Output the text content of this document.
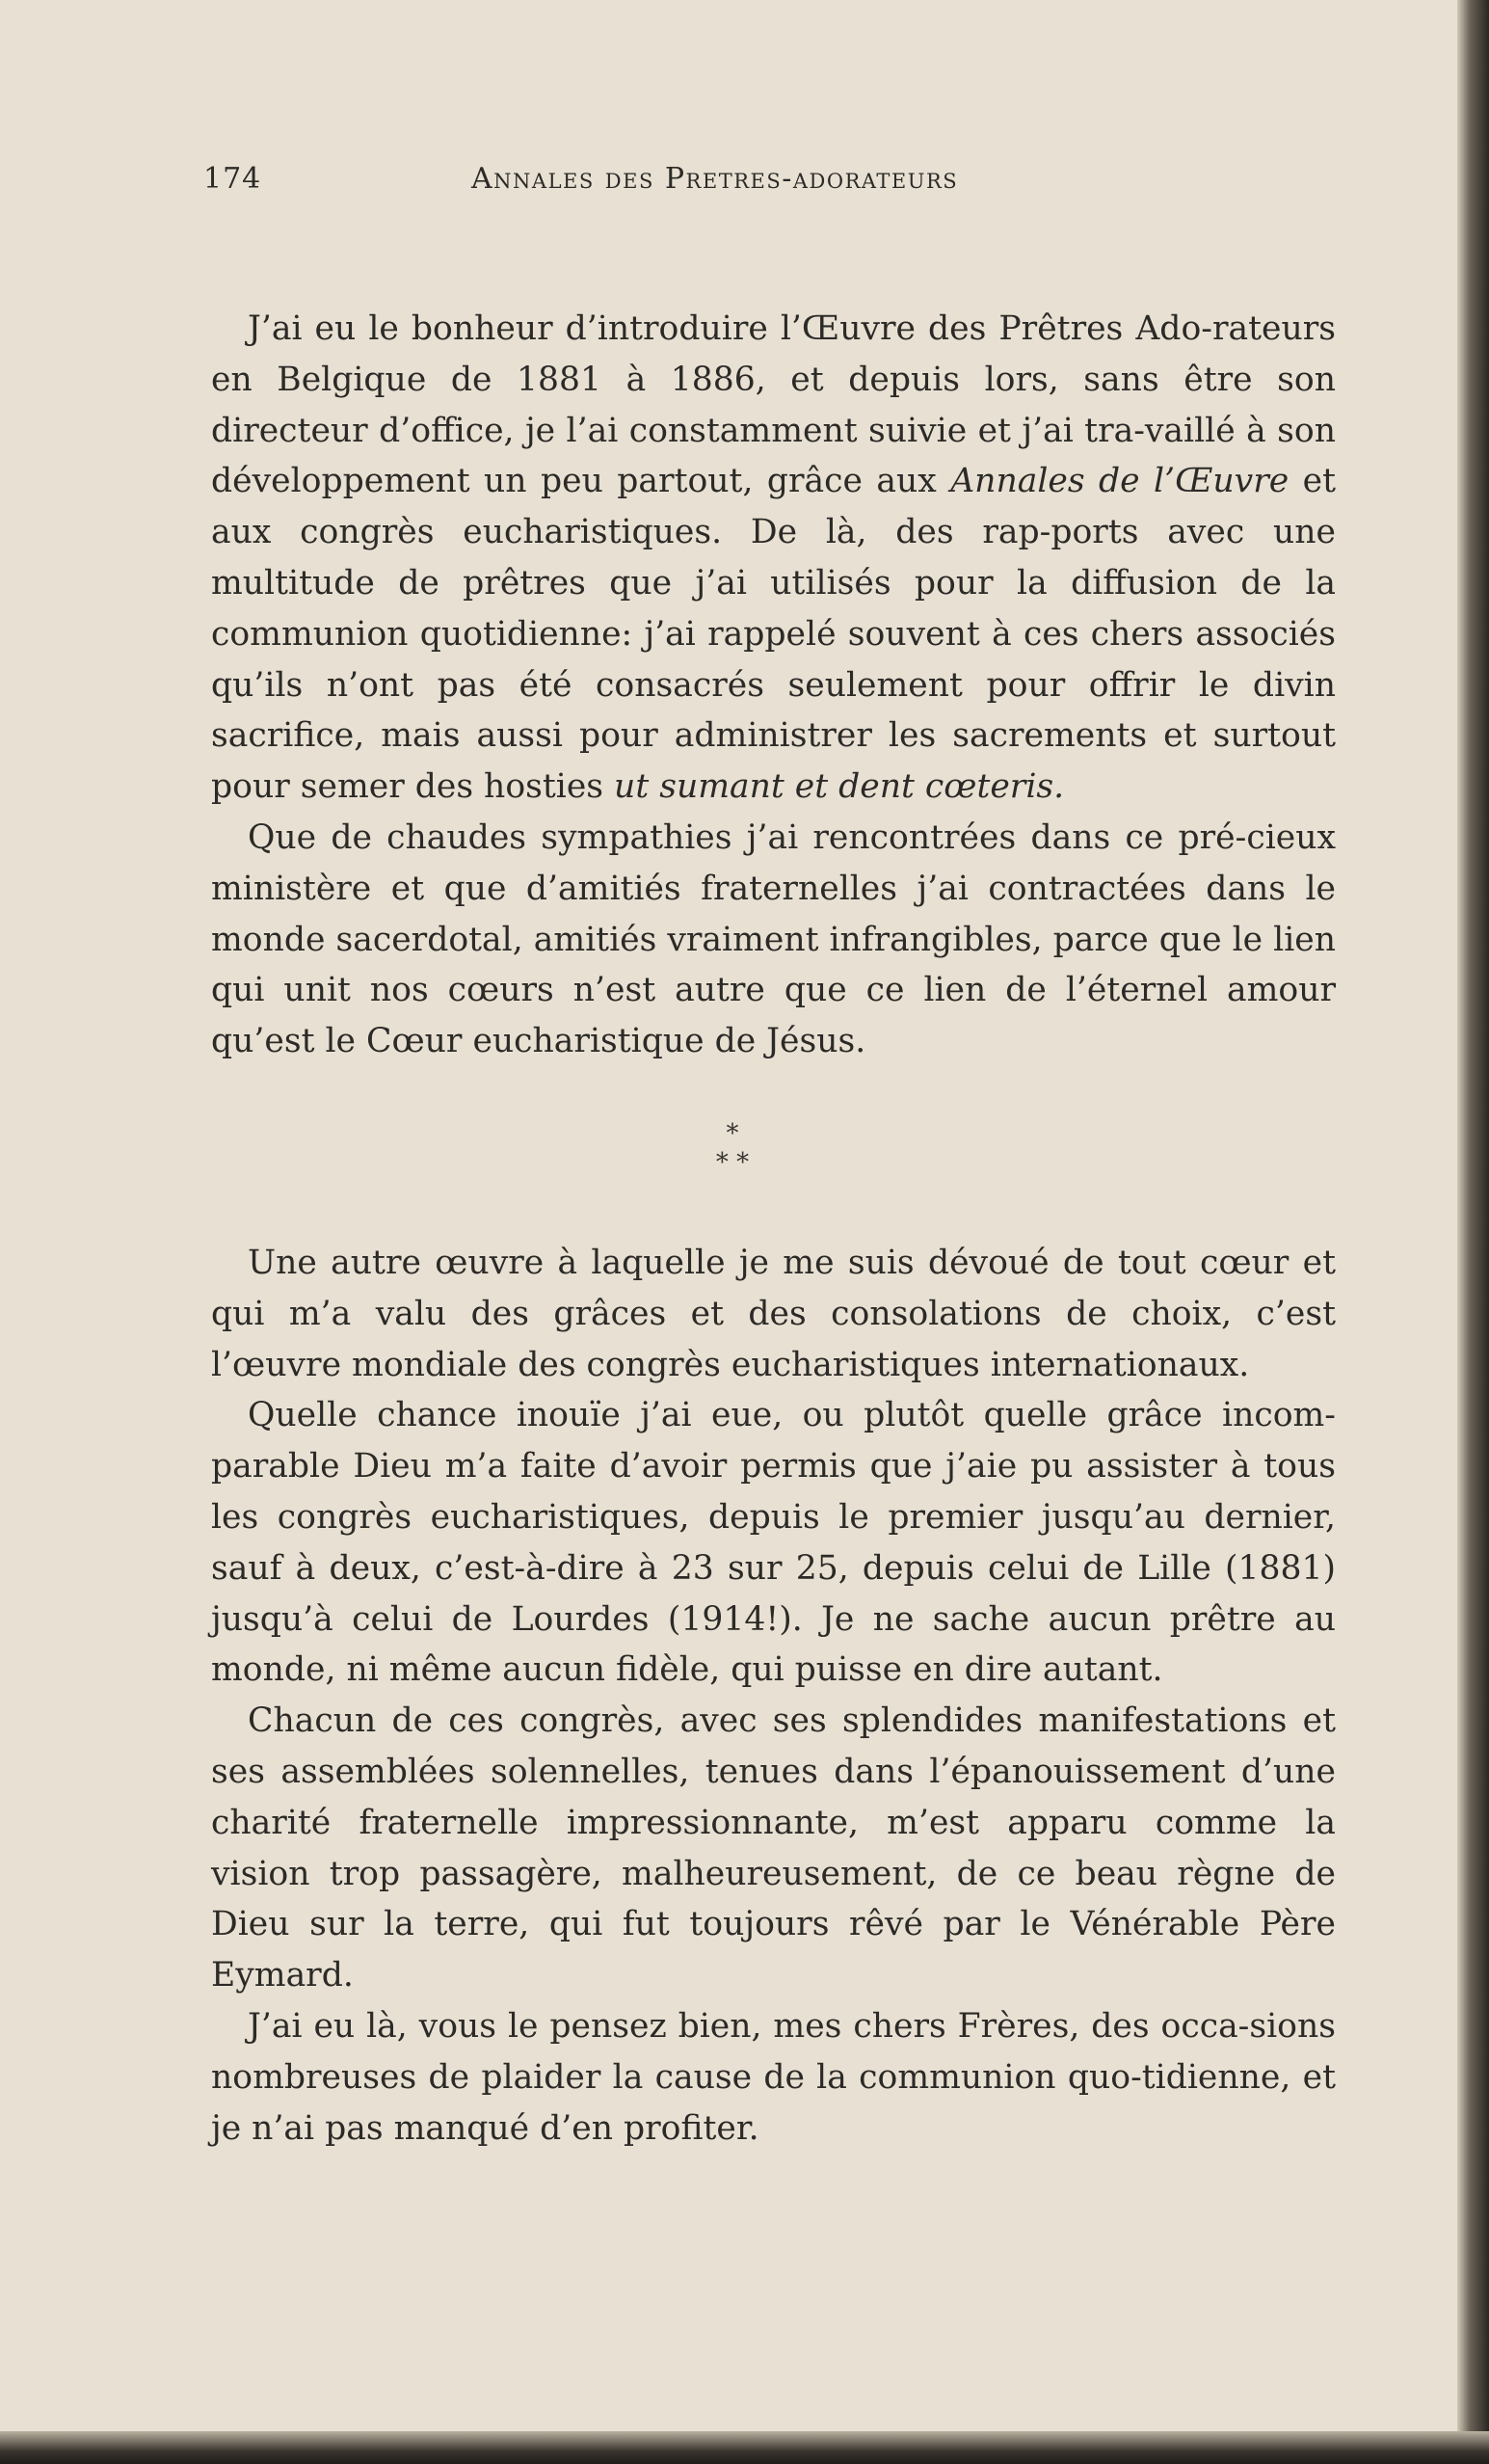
174	Annales des Pretres-adorateurs

J’ai eu le bonheur d’introduire l’Œuvre des Prêtres Ado-rateurs en Belgique de 1881 à 1886, et depuis lors, sans être son directeur d’office, je l’ai constamment suivie et j’ai tra-vaillé à son développement un peu partout, grâce aux Annales de l’Œuvre et aux congrès eucharistiques. De là, des rap-ports avec une multitude de prêtres que j’ai utilisés pour la diffusion de la communion quotidienne: j’ai rappelé souvent à ces chers associés qu’ils n’ont pas été consacrés seulement pour offrir le divin sacrifice, mais aussi pour administrer les sacrements et surtout pour semer des hosties ut sumant et dent cœteris.

Que de chaudes sympathies j’ai rencontrées dans ce pré-cieux ministère et que d’amitiés fraternelles j’ai contractées dans le monde sacerdotal, amitiés vraiment infrangibles, parce que le lien qui unit nos cœurs n’est autre que ce lien de l’éternel amour qu’est le Cœur eucharistique de Jésus.

*
* *

Une autre œuvre à laquelle je me suis dévoué de tout cœur et qui m’a valu des grâces et des consolations de choix, c’est l’œuvre mondiale des congrès eucharistiques internationaux.

Quelle chance inouïe j’ai eue, ou plutôt quelle grâce incom-parable Dieu m’a faite d’avoir permis que j’aie pu assister à tous les congrès eucharistiques, depuis le premier jusqu’au dernier, sauf à deux, c’est-à-dire à 23 sur 25, depuis celui de Lille (1881) jusqu’à celui de Lourdes (1914!). Je ne sache aucun prêtre au monde, ni même aucun fidèle, qui puisse en dire autant.

Chacun de ces congrès, avec ses splendides manifestations et ses assemblées solennelles, tenues dans l’épanouissement d’une charité fraternelle impressionnante, m’est apparu comme la vision trop passagère, malheureusement, de ce beau règne de Dieu sur la terre, qui fut toujours rêvé par le Vénérable Père Eymard.

J’ai eu là, vous le pensez bien, mes chers Frères, des occa-sions nombreuses de plaider la cause de la communion quo-tidienne, et je n’ai pas manqué d’en profiter.
